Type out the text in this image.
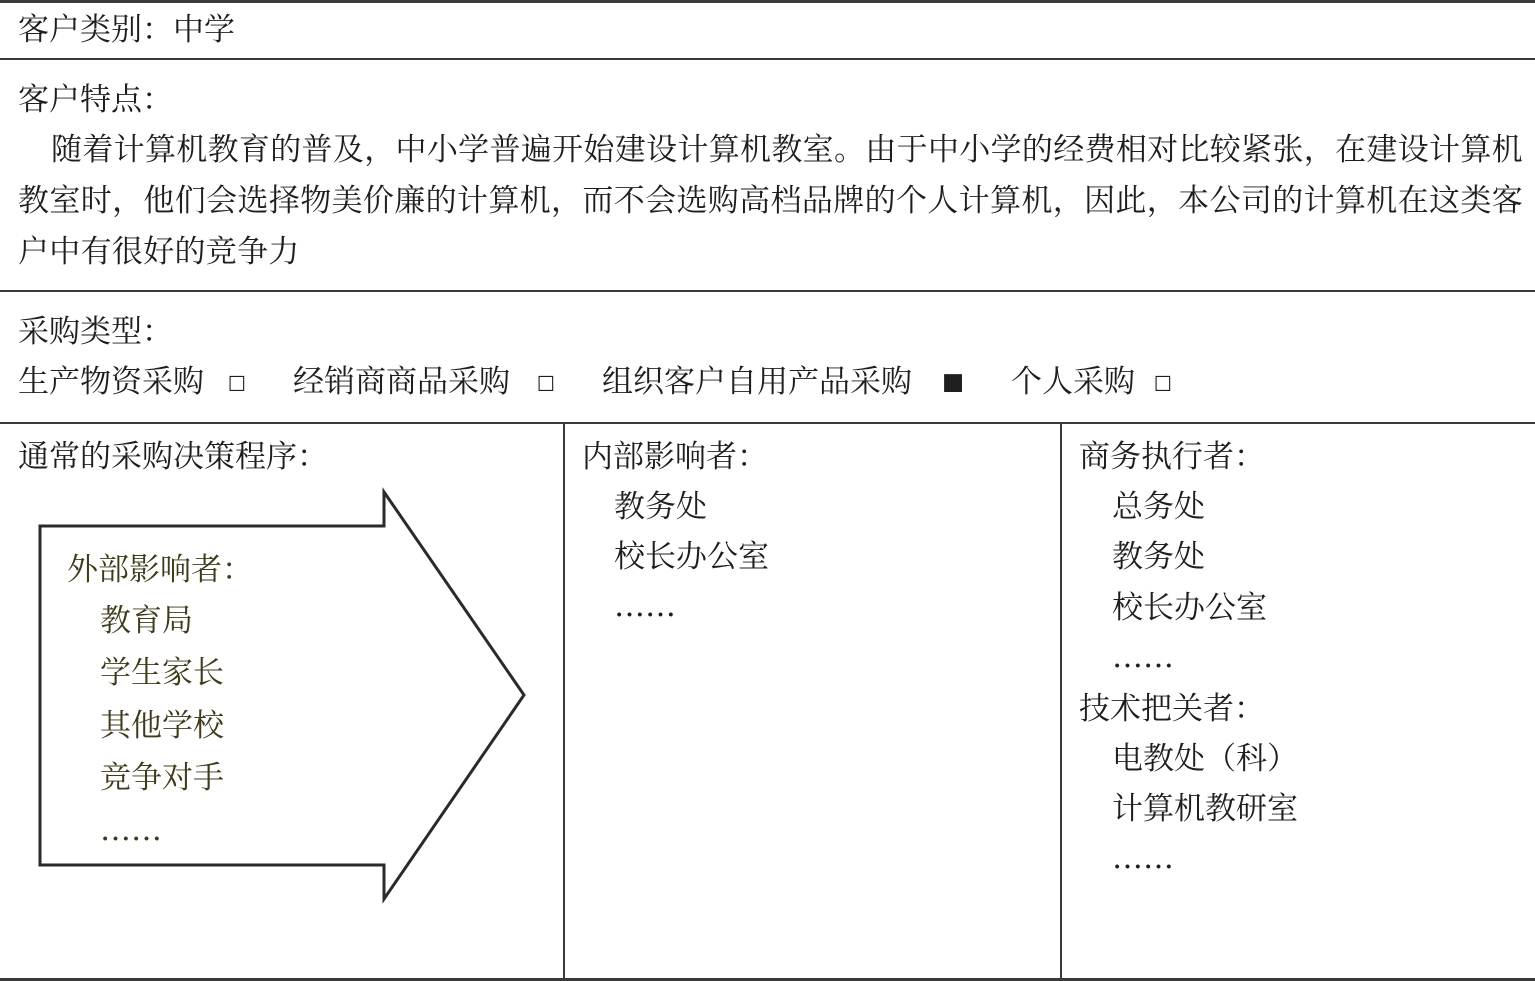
客户类别：中学
客户特点：
随着计算机教育的普及，中小学普遍开始建设计算机教室。由于中小学的经费相对比较紧张，在建设计算机教室时，他们会选择物美价廉的计算机，而不会选购高档品牌的个人计算机，因此，本公司的计算机在这类客户中有很好的竞争力
采购类型：
生产物资采购 ☐ 经销商商品采购 ☐ 组织客户自用产品采购 ■ 个人采购 ☐
通常的采购决策程序：
外部影响者：
教育局
学生家长
其他学校
竞争对手
……
内部影响者：
教务处
校长办公室
……
商务执行者：
总务处
教务处
校长办公室
……
技术把关者：
电教处（科）
计算机教研室
……
